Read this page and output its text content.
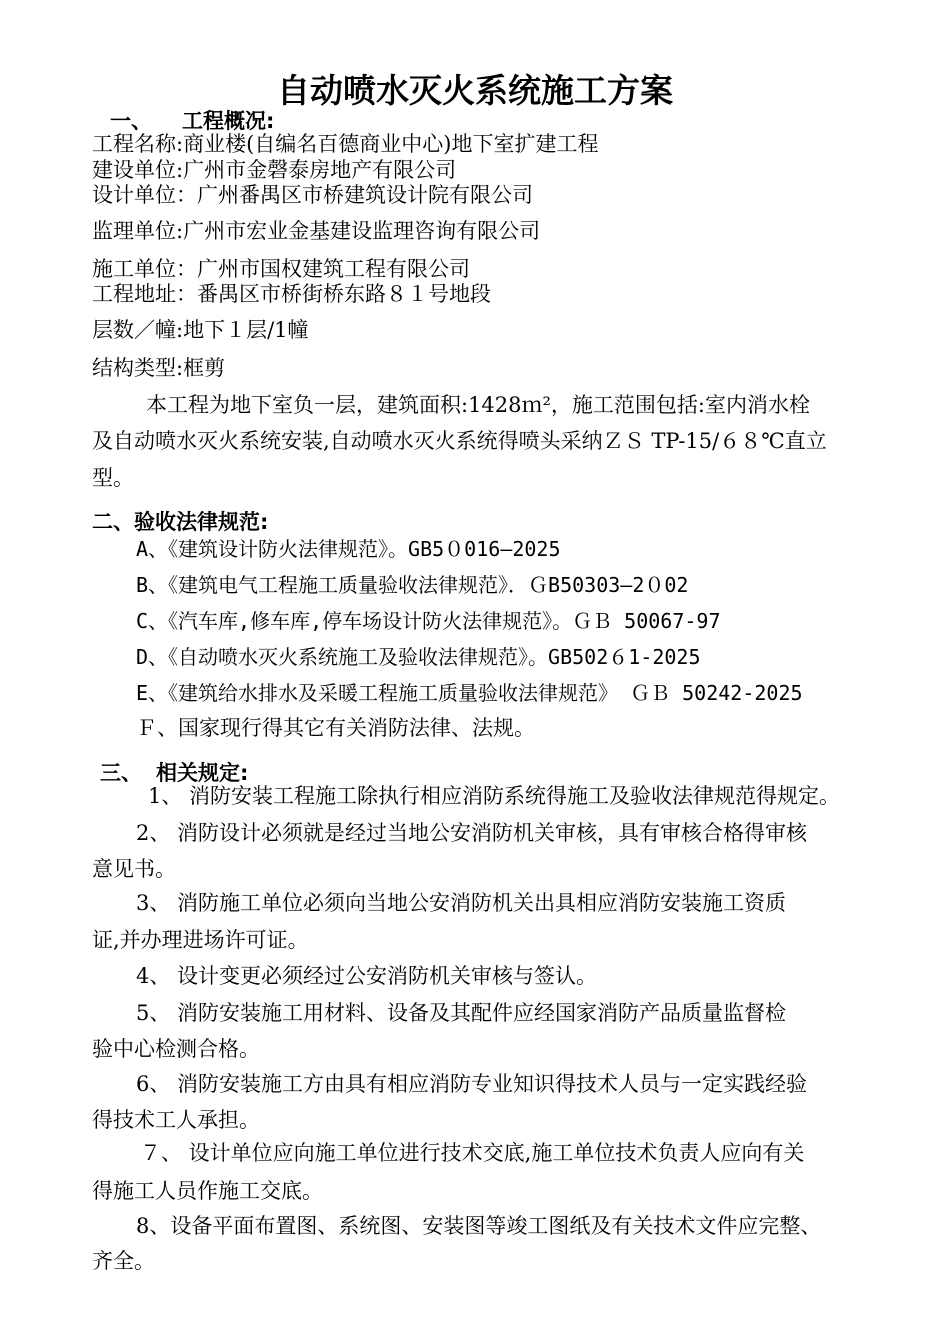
自动喷水灭火系统施工方案
一、 工程概况:
工程名称:商业楼(自编名百德商业中心)地下室扩建工程
建设单位:广州市金磬泰房地产有限公司
设计单位：广州番禺区市桥建筑设计院有限公司
监理单位:广州市宏业金基建设监理咨询有限公司
施工单位：广州市国权建筑工程有限公司
工程地址：番禺区市桥街桥东路８１号地段
层数／幢:地下１层/1幢
结构类型:框剪
本工程为地下室负一层，建筑面积:1428ｍ²，施工范围包括:室内消水栓
及自动喷水灭火系统安装,自动喷水灭火系统得喷头采纳ＺＳ TP-15/６８℃直立
型。
二、验收法律规范:
A、《建筑设计防火法律规范》。GB5０016—2025
B、《建筑电气工程施工质量验收法律规范》．ＧB50303—2０02
C、《汽车库,修车库,停车场设计防火法律规范》。ＧＢ 50067-97
D、《自动喷水灭火系统施工及验收法律规范》。GB502６1-2025
E、《建筑给水排水及采暖工程施工质量验收法律规范》 ＧＢ 50242-2025
Ｆ、国家现行得其它有关消防法律、法规。
三、 相关规定:
1、 消防安装工程施工除执行相应消防系统得施工及验收法律规范得规定。
2、 消防设计必须就是经过当地公安消防机关审核，具有审核合格得审核
意见书。
3、 消防施工单位必须向当地公安消防机关出具相应消防安装施工资质
证,并办理进场许可证。
4、 设计变更必须经过公安消防机关审核与签认。
5、 消防安装施工用材料、设备及其配件应经国家消防产品质量监督检
验中心检测合格。
6、 消防安装施工方由具有相应消防专业知识得技术人员与一定实践经验
得技术工人承担。
７、 设计单位应向施工单位进行技术交底,施工单位技术负责人应向有关
得施工人员作施工交底。
8、设备平面布置图、系统图、安装图等竣工图纸及有关技术文件应完整、
齐全。
